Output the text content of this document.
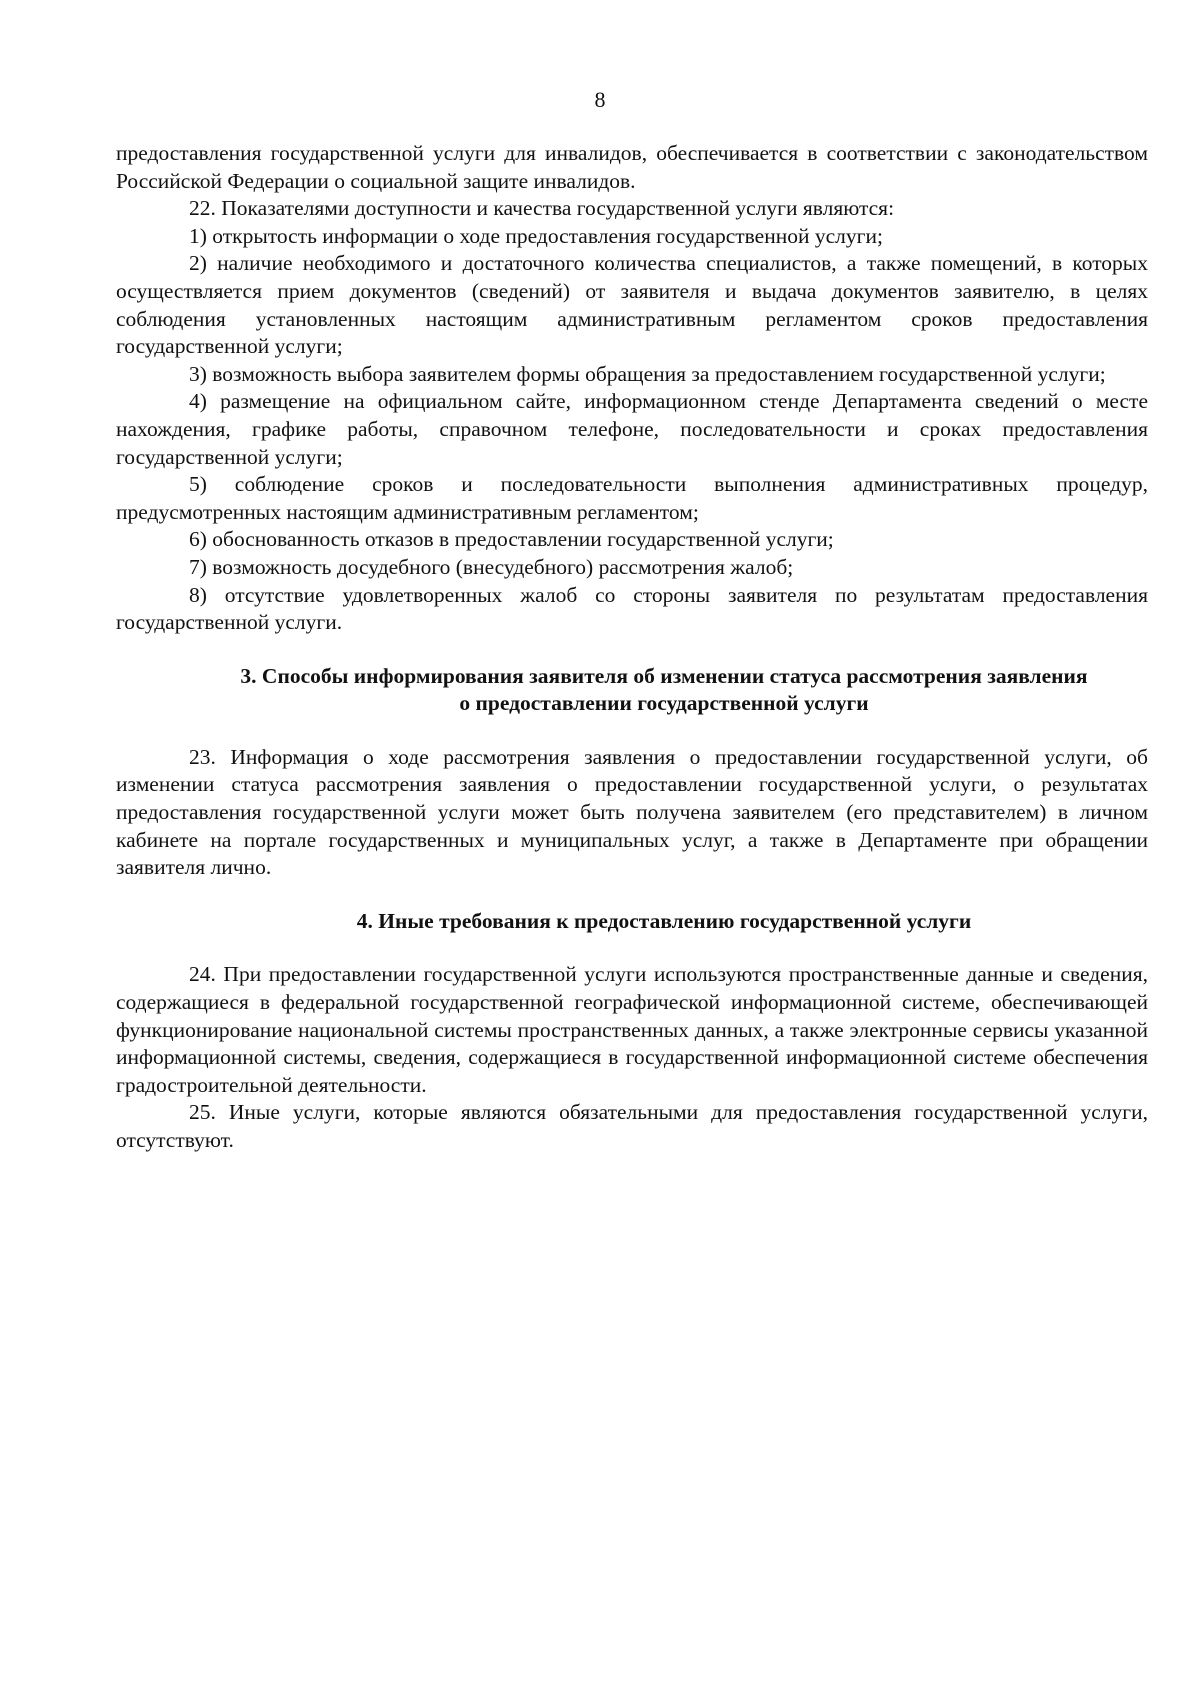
8

предоставления государственной услуги для инвалидов, обеспечивается в соответствии с законодательством Российской Федерации о социальной защите инвалидов.

22. Показателями доступности и качества государственной услуги являются:

1) открытость информации о ходе предоставления государственной услуги;

2) наличие необходимого и достаточного количества специалистов, а также помещений, в которых осуществляется прием документов (сведений) от заявителя и выдача документов заявителю, в целях соблюдения установленных настоящим административным регламентом сроков предоставления государственной услуги;

3) возможность выбора заявителем формы обращения за предоставлением государственной услуги;

4) размещение на официальном сайте, информационном стенде Департамента сведений о месте нахождения, графике работы, справочном телефоне, последовательности и сроках предоставления государственной услуги;

5) соблюдение сроков и последовательности выполнения административных процедур, предусмотренных настоящим административным регламентом;

6) обоснованность отказов в предоставлении государственной услуги;

7) возможность досудебного (внесудебного) рассмотрения жалоб;

8) отсутствие удовлетворенных жалоб со стороны заявителя по результатам предоставления государственной услуги.

3. Способы информирования заявителя об изменении статуса рассмотрения заявления

о предоставлении государственной услуги

23. Информация о ходе рассмотрения заявления о предоставлении государственной услуги, об изменении статуса рассмотрения заявления о предоставлении государственной услуги, о результатах предоставления государственной услуги может быть получена заявителем (его представителем) в личном кабинете на портале государственных и муниципальных услуг, а также в Департаменте при обращении заявителя лично.

4. Иные требования к предоставлению государственной услуги

24. При предоставлении государственной услуги используются пространственные данные и сведения, содержащиеся в федеральной государственной географической информационной системе, обеспечивающей функционирование национальной системы пространственных данных, а также электронные сервисы указанной информационной системы, сведения, содержащиеся в государственной информационной системе обеспечения градостроительной деятельности.

25. Иные услуги, которые являются обязательными для предоставления государственной услуги, отсутствуют.
